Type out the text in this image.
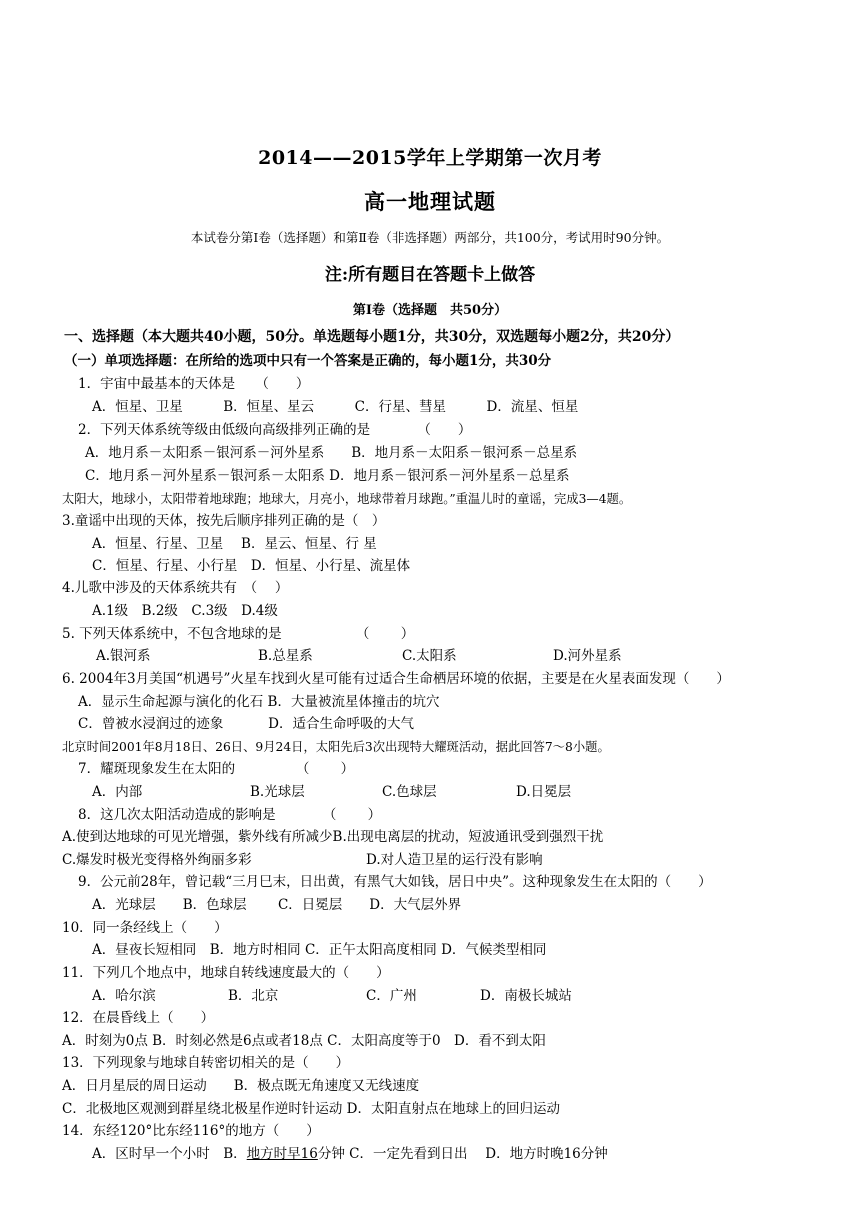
2014——2015学年上学期第一次月考
高一地理试题
本试卷分第Ⅰ卷（选择题）和第Ⅱ卷（非选择题）两部分，共100分，考试用时90分钟。
注:所有题目在答题卡上做答
第Ⅰ卷（选择题　共50分）
一、选择题（本大题共40小题，50分。单选题每小题1分，共30分，双选题每小题2分，共20分）
（一）单项选择题：在所给的选项中只有一个答案是正确的，每小题1分，共30分
1．宇宙中最基本的天体是　　（　　）
A．恒星、卫星　　　B．恒星、星云　　　C．行星、彗星　　　D．流星、恒星
2．下列天体系统等级由低级向高级排列正确的是　　　　（　　）
A．地月系－太阳系－银河系－河外星系　　B．地月系－太阳系－银河系－总星系
C．地月系－河外星系－银河系－太阳系 D．地月系－银河系－河外星系－总星系
太阳大，地球小，太阳带着地球跑；地球大，月亮小，地球带着月球跑。”重温儿时的童谣，完成3—4题。
3.童谣中出现的天体，按先后顺序排列正确的是（　）
A．恒星、行星、卫星　 B．星云、恒星、行 星
C．恒星、行星、小行星　D．恒星、小行星、流星体
4.儿歌中涉及的天体系统共有　（　 ）
A.1级　B.2级　C.3级　D.4级
5. 下列天体系统中，不包含地球的是　　　　　　（　　 ）
A.银河系	B.总星系	C.太阳系	D.河外星系
6. 2004年3月美国“机遇号”火星车找到火星可能有过适合生命栖居环境的依据，主要是在火星表面发现（　　）
A．显示生命起源与演化的化石 B．大量被流星体撞击的坑穴
C．曾被水浸润过的迹象　　　 D．适合生命呼吸的大气
北京时间2001年8月18日、26日、9月24日，太阳先后3次出现特大耀斑活动，据此回答7～8小题。
7．耀斑现象发生在太阳的　　　　　（　　 ）
A．内部	B.光球层	C.色球层	D.日冕层
8．这几次太阳活动造成的影响是　　　　（　　 ）
A.使到达地球的可见光增强，紫外线有所减少B.出现电离层的扰动，短波通讯受到强烈干扰
C.爆发时极光变得格外绚丽多彩	D.对人造卫星的运行没有影响
9．公元前28年，曾记载“三月巳末，日出黄，有黑气大如钱，居日中央”。这种现象发生在太阳的（　　）
A．光球层　　B．色球层　　 C．日冕层　　D．大气层外界
10．同一条经线上（　　）
A．昼夜长短相同　B．地方时相同 C．正午太阳高度相同 D．气候类型相同
11．下列几个地点中，地球自转线速度最大的（　　）
A．哈尔滨	B．北京	C．广州	D．南极长城站
12．在晨昏线上（　　）
A．时刻为0点 B．时刻必然是6点或者18点 C．太阳高度等于0　D．看不到太阳
13．下列现象与地球自转密切相关的是（　　）
A．日月星辰的周日运动　　B．极点既无角速度又无线速度
C．北极地区观测到群星绕北极星作逆时针运动 D．太阳直射点在地球上的回归运动
14．东经120°比东经116°的地方（　　）
A．区时早一个小时　B．地方时早16分钟 C．一定先看到日出　 D．地方时晚16分钟
